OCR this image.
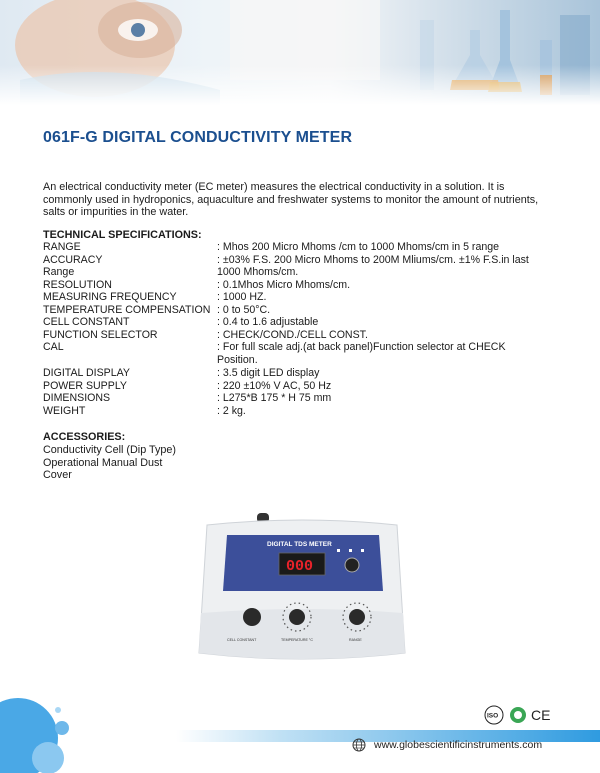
061F-G DIGITAL CONDUCTIVITY METER

An electrical conductivity meter (EC meter) measures the electrical conductivity in a solution. It is commonly used in hydroponics, aquaculture and freshwater systems to monitor the amount of nutrients, salts or impurities in the water.

TECHNICAL SPECIFICATIONS:

RANGE	: Mhos 200 Micro Mhoms /cm to 1000 Mhoms/cm in 5 range
ACCURACY	: ±03% F.S. 200 Micro Mhoms to 200M Mliums/cm. ±1% F.S.in last
Range	1000 Mhoms/cm.
RESOLUTION	: 0.1Mhos Micro Mhoms/cm.
MEASURING FREQUENCY	: 1000 HZ.
TEMPERATURE COMPENSATION : 0 to 50°C.
CELL CONSTANT	: 0.4 to 1.6 adjustable
FUNCTION SELECTOR	: CHECK/COND./CELL CONST.
CAL	: For full scale adj.(at back panel)Function selector at CHECK Position.
DIGITAL DISPLAY	: 3.5 digit LED display
POWER SUPPLY	: 220 ±10% V AC, 50 Hz
DIMENSIONS	: L275*B 175 * H 75 mm
WEIGHT	: 2 kg.

ACCESSORIES:

Conductivity Cell (Dip Type)
Operational Manual Dust
Cover
DIGITAL TDS METER
000
CELL CONSTANT	TEMPERATURE °C	RANGE
ISO CE
www.globescientificinstruments.com
